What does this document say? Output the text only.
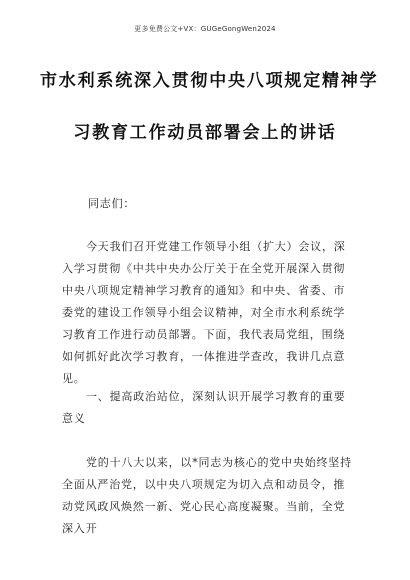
更多免费公文+VX：GUGeGongWen2024
市水利系统深入贯彻中央八项规定精神学
习教育工作动员部署会上的讲话
同志们：
今天我们召开党建工作领导小组（扩大）会议，深入学习贯彻《中共中央办公厅关于在全党开展深入贯彻中央八项规定精神学习教育的通知》和中央、省委、市委党的建设工作领导小组会议精神，对全市水利系统学习教育工作进行动员部署。下面，我代表局党组，围绕如何抓好此次学习教育，一体推进学查改，我讲几点意见。
一、提高政治站位，深刻认识开展学习教育的重要意义
党的十八大以来，以*同志为核心的党中央始终坚持全面从严治党，以中央八项规定为切入点和动员令，推动党风政风焕然一新、党心民心高度凝聚。当前，全党深入开
